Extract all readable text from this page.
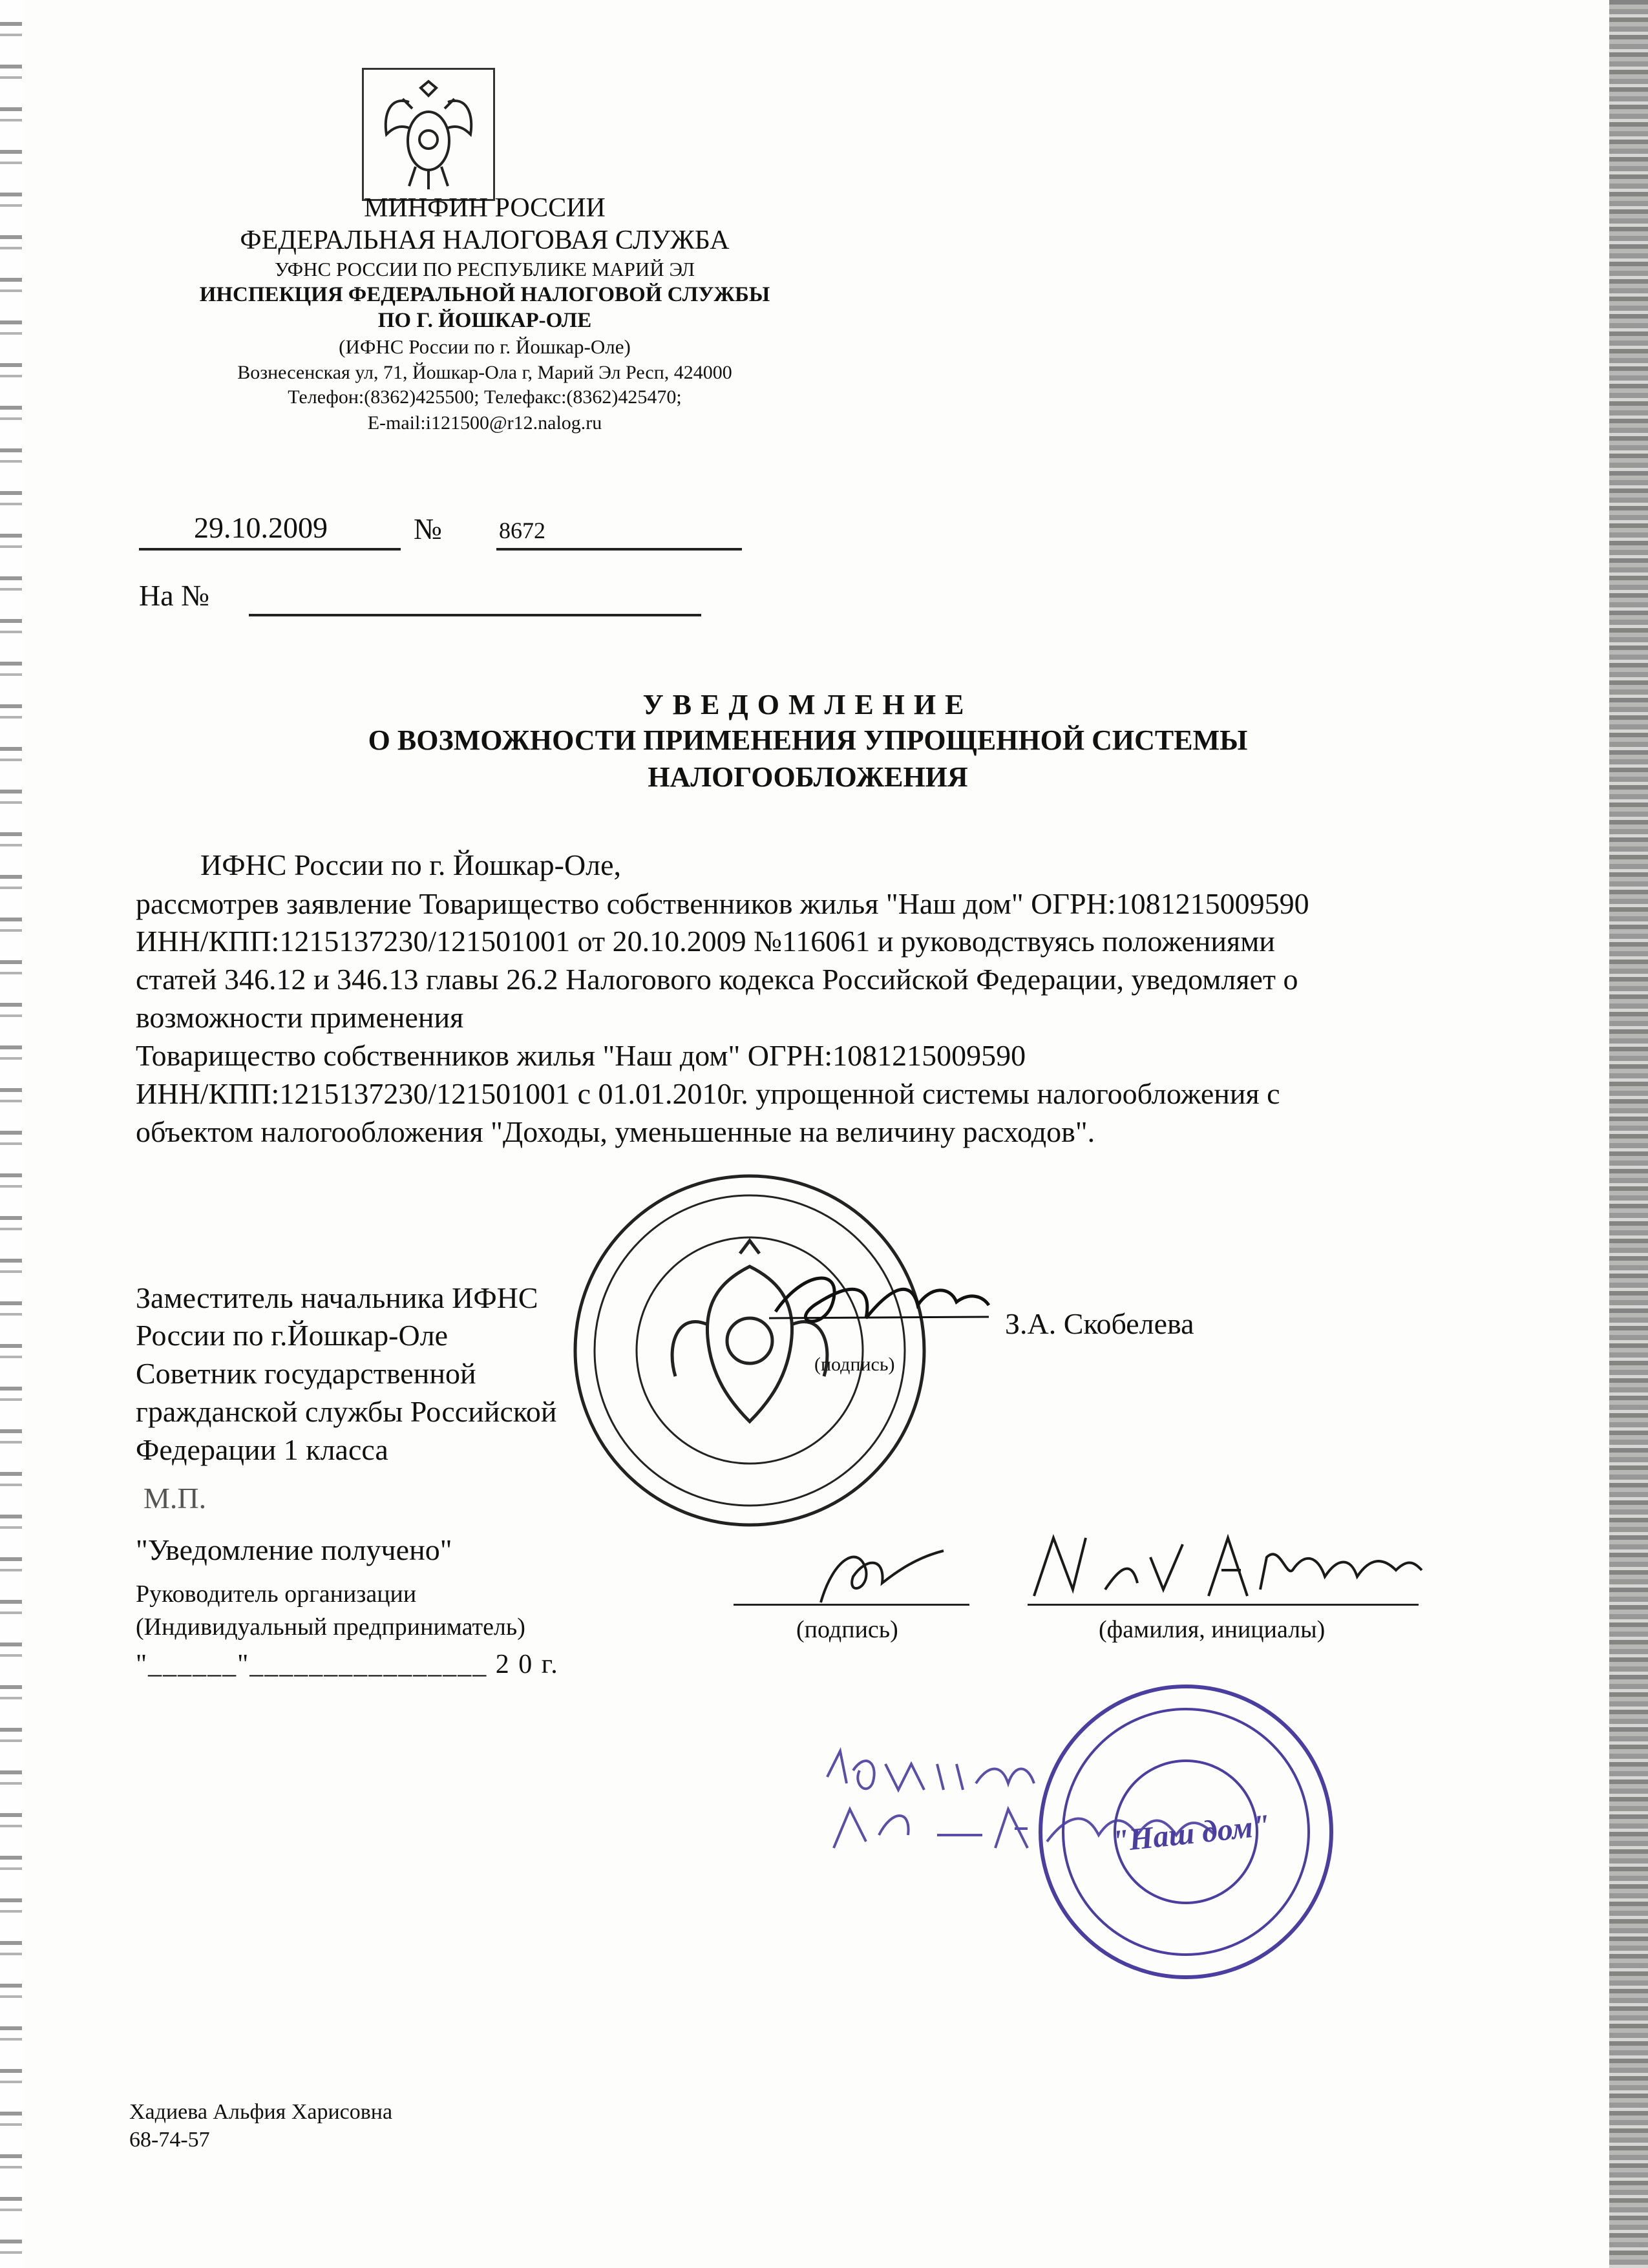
МИНФИН РОССИИ
ФЕДЕРАЛЬНАЯ НАЛОГОВАЯ СЛУЖБА
УФНС РОССИИ ПО РЕСПУБЛИКЕ МАРИЙ ЭЛ
ИНСПЕКЦИЯ ФЕДЕРАЛЬНОЙ НАЛОГОВОЙ СЛУЖБЫ
ПО Г. ЙОШКАР-ОЛЕ
(ИФНС России по г. Йошкар-Оле)
Вознесенская ул, 71, Йошкар-Ола г, Марий Эл Респ, 424000
Телефон:(8362)425500; Телефакс:(8362)425470;
E-mail:i121500@r12.nalog.ru
29.10.2009	№ 8672
На №
УВЕДОМЛЕНИЕ
О ВОЗМОЖНОСТИ ПРИМЕНЕНИЯ УПРОЩЕННОЙ СИСТЕМЫ
НАЛОГООБЛОЖЕНИЯ
ИФНС России по г. Йошкар-Оле,
рассмотрев заявление Товарищество собственников жилья "Наш дом" ОГРН:1081215009590
ИНН/КПП:1215137230/121501001 от 20.10.2009 №116061 и руководствуясь положениями
статей 346.12 и 346.13 главы 26.2 Налогового кодекса Российской Федерации, уведомляет о
возможности применения
Товарищество собственников жилья "Наш дом" ОГРН:1081215009590
ИНН/КПП:1215137230/121501001 с 01.01.2010г. упрощенной системы налогообложения с
объектом налогообложения "Доходы, уменьшенные на величину расходов".
Заместитель начальника ИФНС
России по г.Йошкар-Оле
Советник государственной
гражданской службы Российской
Федерации 1 класса
(подпись)
З.А. Скобелева
М.П.
"Уведомление получено"
Руководитель организации
(Индивидуальный предприниматель)
"______"________________ 2 0 г.
(подпись)	(фамилия, инициалы)
"Наш дом"
Хадиева Альфия Харисовна
68-74-57
